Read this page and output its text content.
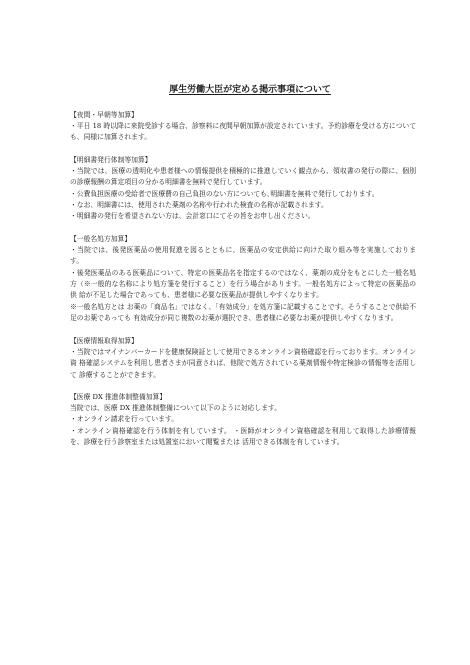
厚生労働大臣が定める掲示事項について

【夜間・早朝等加算】

・平日 18 時以降に来院受診する場合、診察料に夜間早朝加算が設定されています。予約診療を受ける方についても、同様に加算されます。

【明細書発行体制等加算】

・当院では、医療の透明化や患者様への情報提供を積極的に推進していく観点から、領収書の発行の際に、個別　の診療報酬の算定項目の分かる明細書を無料で発行しています。

・公費負担医療の受給者で医療費の自己負担のない方についても､明細書を無料で発行しております。

・なお、明細書には、使用された薬剤の名称や行われた検査の名称が記載されます。

・明細書の発行を希望されない方は、会計窓口にてその旨をお申し出ください。

【一般名処方加算】

・当院では、後発医薬品の使用促進を図るとともに、医薬品の安定供給に向けた取り組み等を実施しております。

・後発医薬品のある医薬品について、特定の医薬品名を指定するのではなく、薬剤の成分をもとにした一般名処 方（※一般的な名称により処方箋を発行すること）を行う場合があります。一般名処方によって特定の医薬品の供 給が不足した場合であっても、患者様に必要な医薬品が提供しやすくなります。

※一般名処方とは お薬の「商品名」ではなく、「有効成分」を処方箋に記載することです。そうすることで供給不足のお薬であっても 有効成分が同じ複数のお薬が選択でき、患者様に必要なお薬が提供しやすくなります。

【医療情報取得加算】

・当院ではマイナンバーカードを健康保険証として使用できるオンライン資格確認を行っております。オンライン資 格確認システムを利用し患者さまが同意されば、他院で処方されている薬剤情報や特定検診の情報等を活用して 診療することができます。

【医療 DX 推進体制整備加算】

当院では、医療 DX 推進体制整備について以下のように対応します。

・オンライン請求を行っています。

・オンライン資格確認を行う体制を有しています。 ・医師がオンライン資格確認を利用して取得した診療情報を、診療を行う診察室または処置室において閲覧または 活用できる体制を有しています。
